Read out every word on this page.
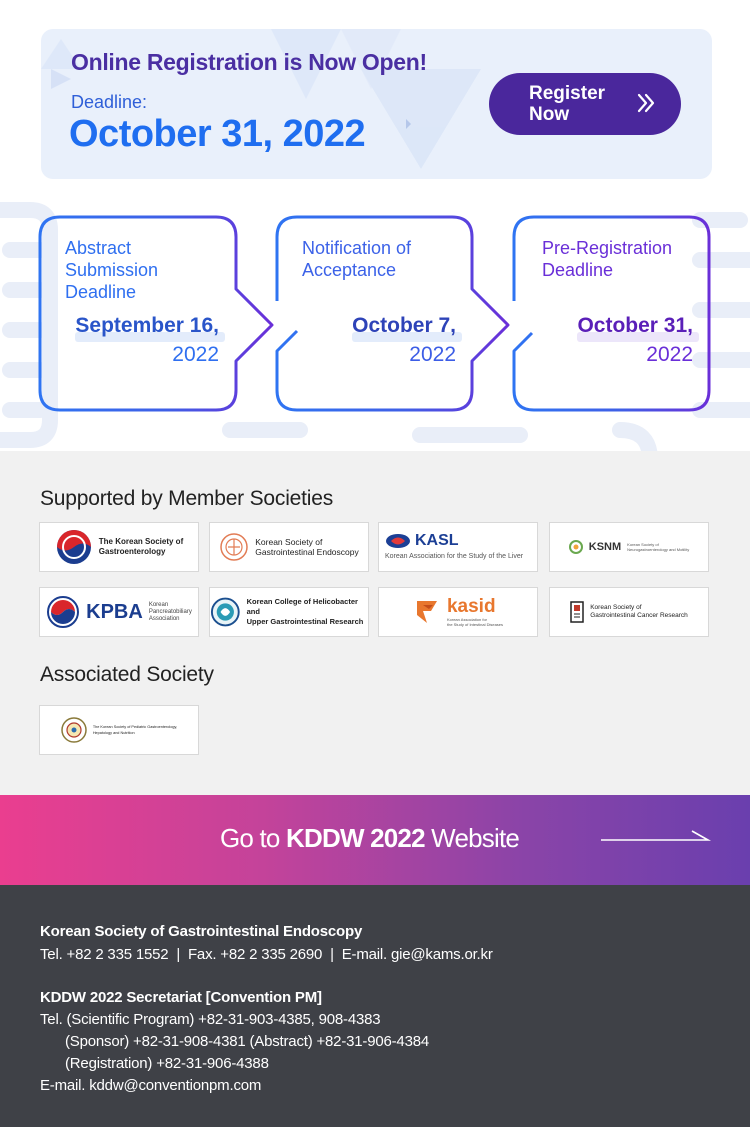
Online Registration is Now Open!
Deadline:
October 31, 2022
Register Now
Abstract
Submission
Deadline
September 16,
2022
Notification of
Acceptance
October 7,
2022
Pre-Registration
Deadline
October 31,
2022
Supported by Member Societies
The Korean Society of
Gastroenterology
Korean Society of
Gastrointestinal Endoscopy
KASL
Korean Association for the Study of the Liver
KSNM Korean Society of
Neurogastroenterology and Motility
KPBA Korean
Pancreatobiliary
Association
Korean College of Helicobacter and
Upper Gastrointestinal Research
kasid
Korean Association for
the Study of Intestinal Diseases
Korean Society of
Gastrointestinal Cancer Research
Associated Society
The Korean Society of Pediatric Gastroenterology,
Hepatology and Nutrition
Go to KDDW 2022 Website
Korean Society of Gastrointestinal Endoscopy
Tel. +82 2 335 1552  |  Fax. +82 2 335 2690  |  E-mail. gie@kams.or.kr
KDDW 2022 Secretariat [Convention PM]
Tel. (Scientific Program) +82-31-903-4385, 908-4383
(Sponsor) +82-31-908-4381 (Abstract) +82-31-906-4384
(Registration) +82-31-906-4388
E-mail. kddw@conventionpm.com
